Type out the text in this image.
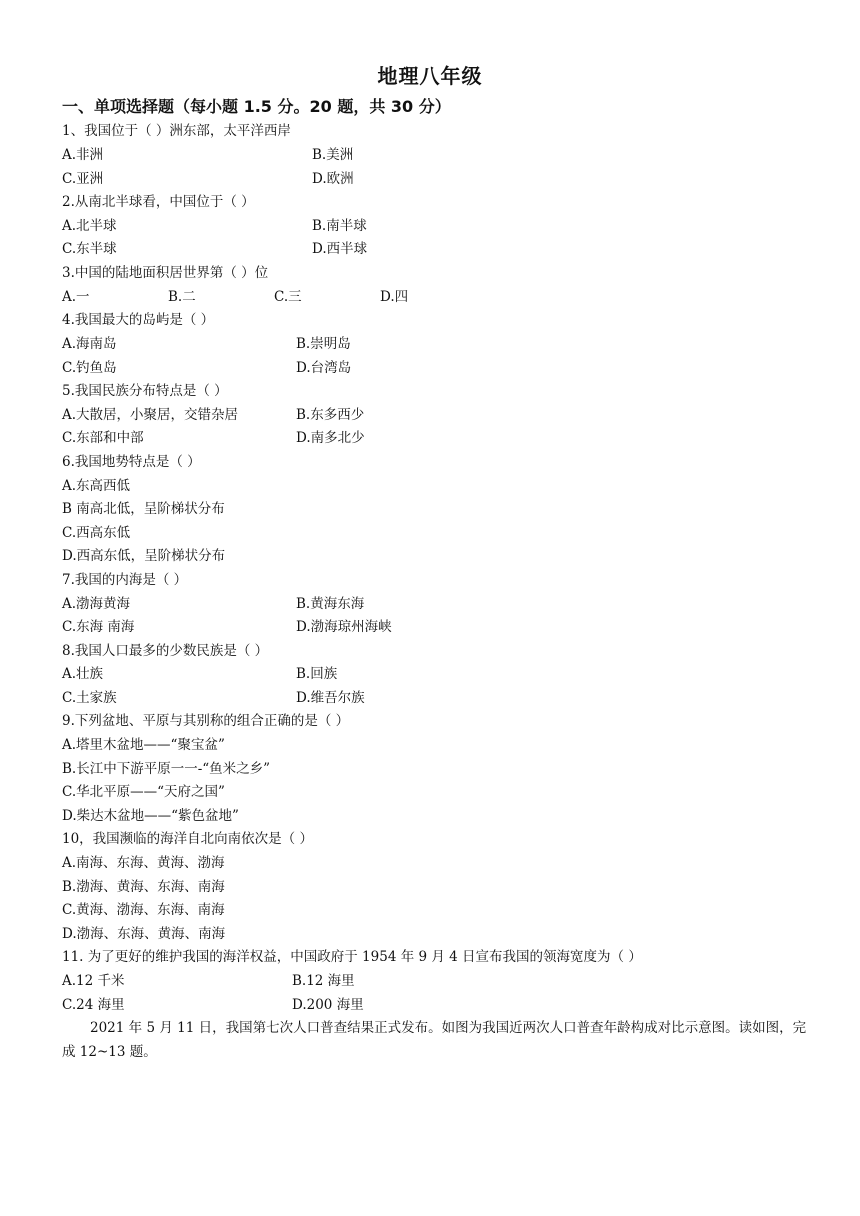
地理八年级
一、单项选择题（每小题 1.5 分。20 题，共 30 分）
1、我国位于（ ）洲东部，太平洋西岸
A.非洲	B.美洲
C.亚洲	D.欧洲
2.从南北半球看，中国位于（ ）
A.北半球	B.南半球
C.东半球	D.西半球
3.中国的陆地面积居世界第（ ）位
A.一	B.二	C.三	D.四
4.我国最大的岛屿是（ ）
A.海南岛	B.崇明岛
C.钓鱼岛	D.台湾岛
5.我国民族分布特点是（ ）
A.大散居，小聚居，交错杂居	B.东多西少
C.东部和中部	D.南多北少
6.我国地势特点是（ ）
A.东高西低
B 南高北低，呈阶梯状分布
C.西高东低
D.西高东低，呈阶梯状分布
7.我国的内海是（ ）
A.渤海黄海	B.黄海东海
C.东海 南海	D.渤海琼州海峡
8.我国人口最多的少数民族是（ ）
A.壮族	B.回族
C.土家族	D.维吾尔族
9.下列盆地、平原与其别称的组合正确的是（ ）
A.塔里木盆地——“聚宝盆”
B.长江中下游平原一一-“鱼米之乡”
C.华北平原——“天府之国”
D.柴达木盆地——“紫色盆地”
10，我国濒临的海洋自北向南依次是（ ）
A.南海、东海、黄海、渤海
B.渤海、黄海、东海、南海
C.黄海、渤海、东海、南海
D.渤海、东海、黄海、南海
11. 为了更好的维护我国的海洋权益，中国政府于 1954 年 9 月 4 日宣布我国的领海宽度为（ ）
A.12 千米	B.12 海里
C.24 海里	D.200 海里
2021 年 5 月 11 日，我国第七次人口普查结果正式发布。如图为我国近两次人口普查年龄构成对比示意图。读如图，完成 12~13 题。
